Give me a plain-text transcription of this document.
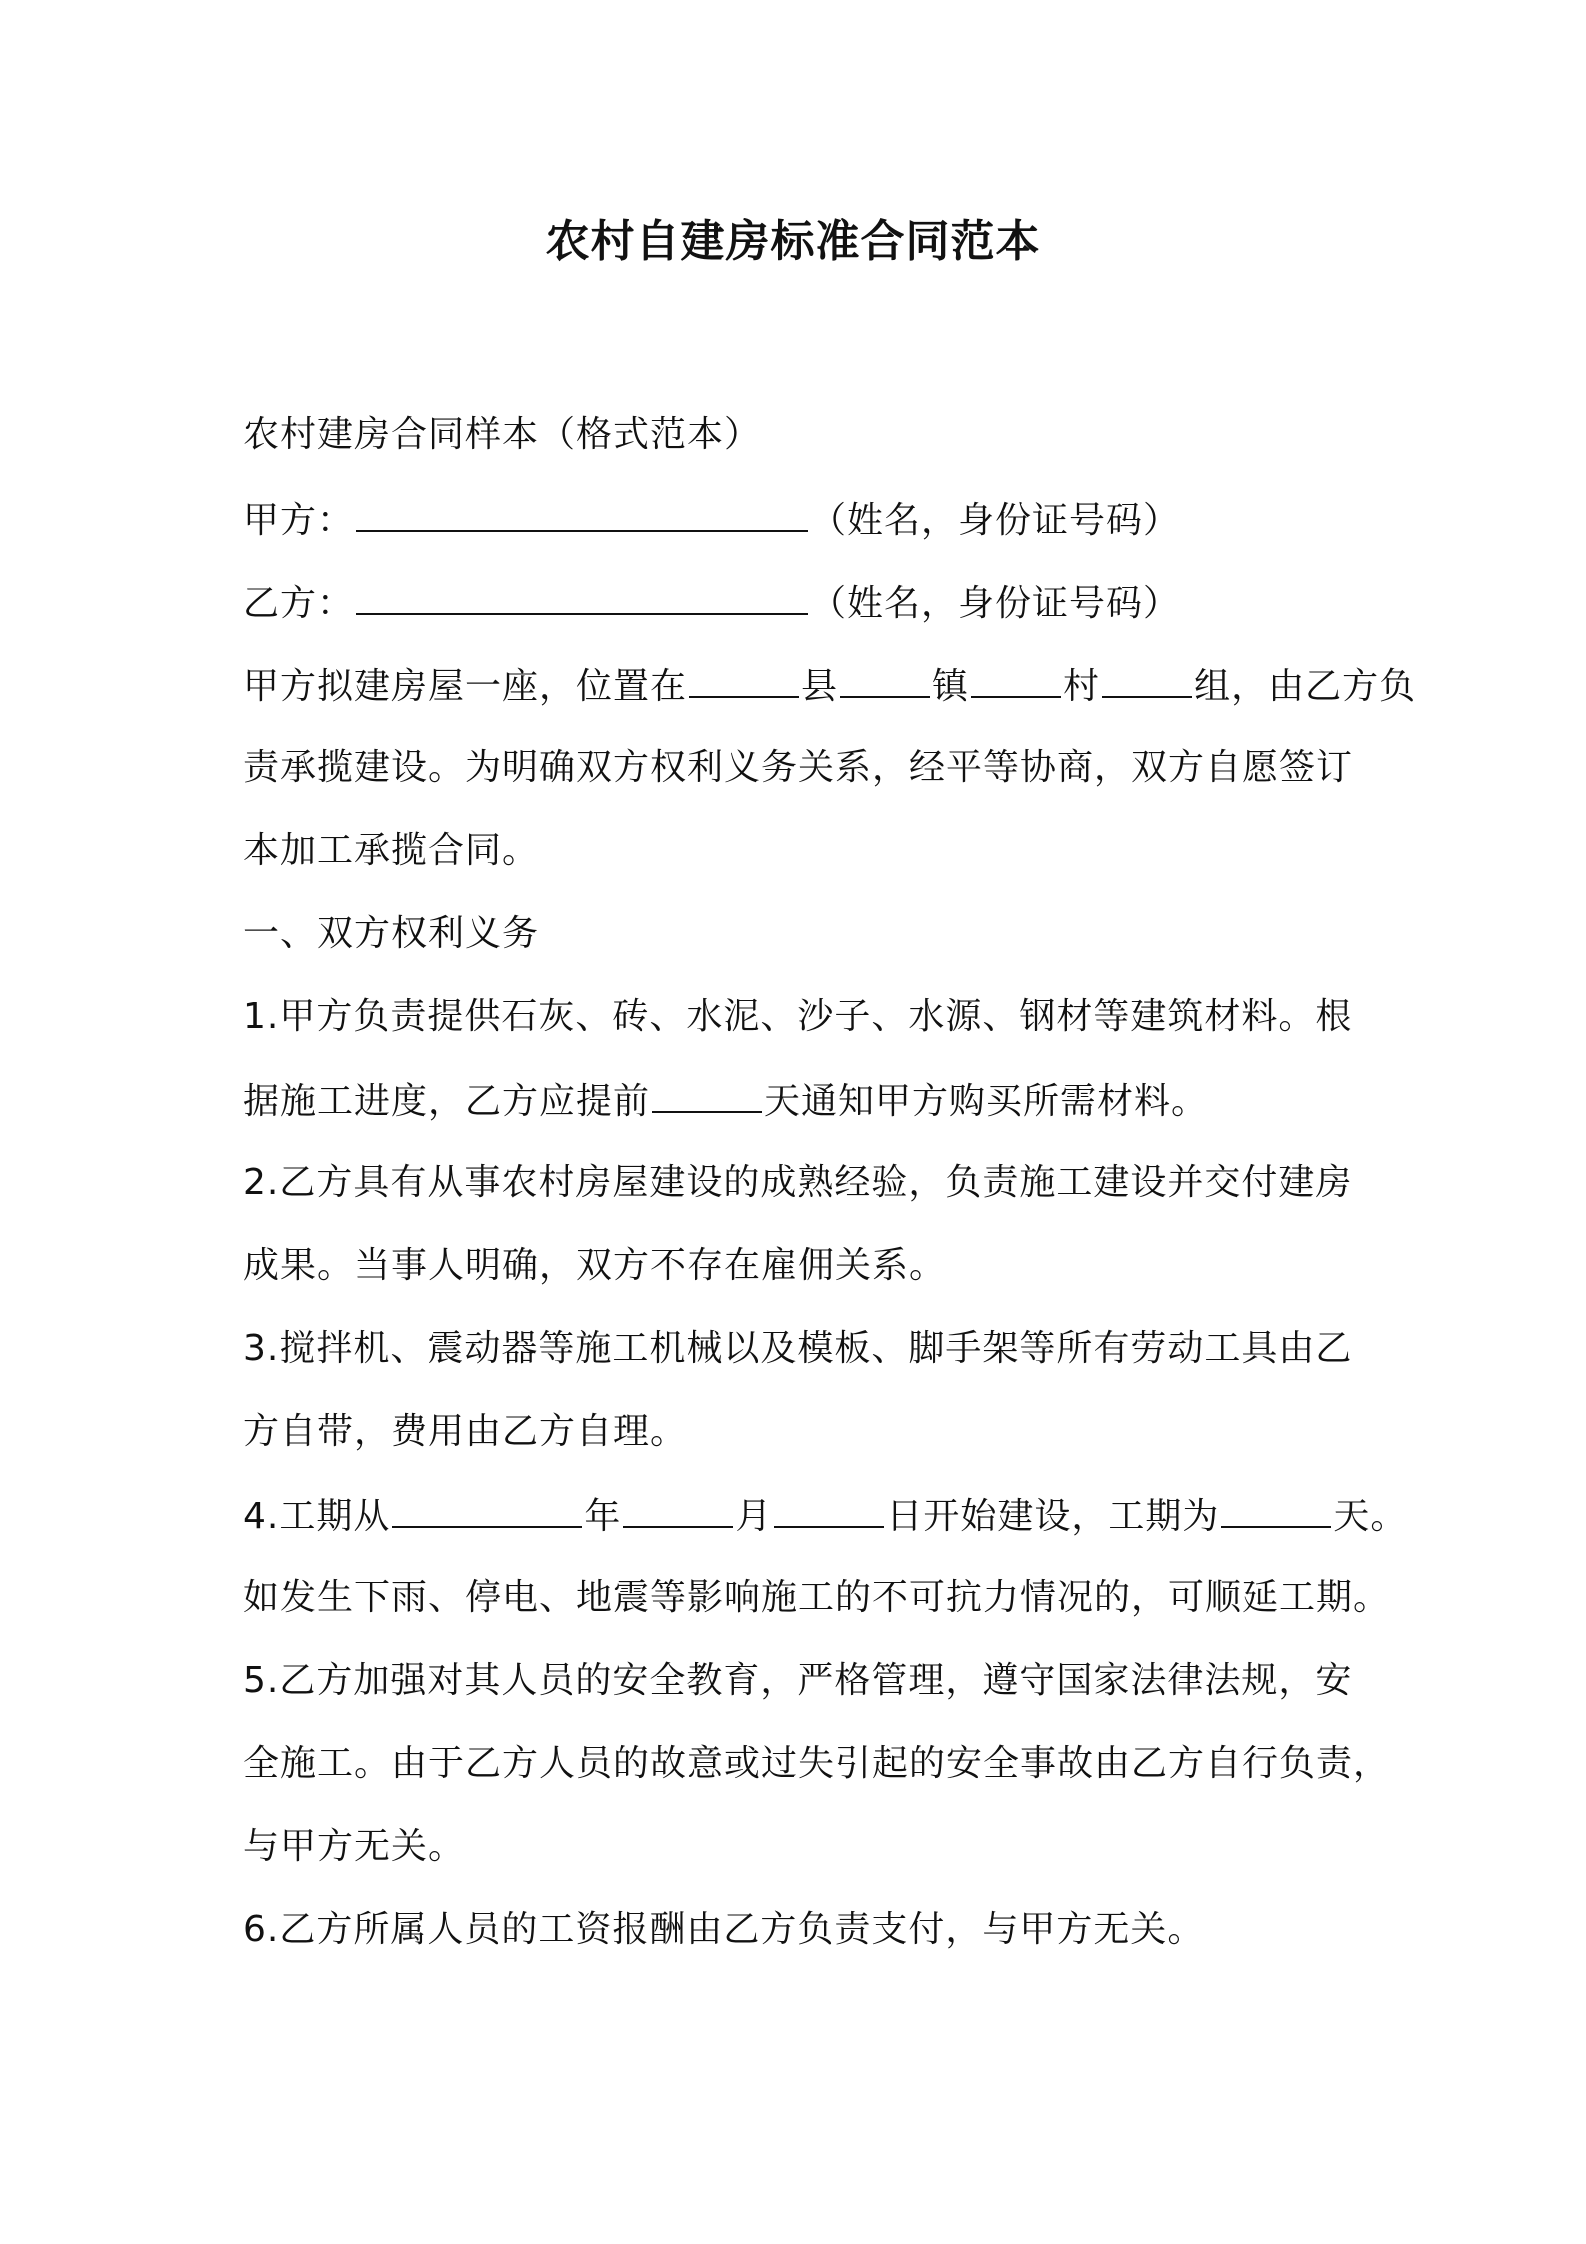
农村自建房标准合同范本
农村建房合同样本（格式范本）
甲方：	（姓名，身份证号码）
乙方：	（姓名，身份证号码）
甲方拟建房屋一座，位置在	县	镇	村	组，由乙方负
责承揽建设。为明确双方权利义务关系，经平等协商，双方自愿签订
本加工承揽合同。
一、双方权利义务
1.甲方负责提供石灰、砖、水泥、沙子、水源、钢材等建筑材料。根
据施工进度，乙方应提前	天通知甲方购买所需材料。
2.乙方具有从事农村房屋建设的成熟经验，负责施工建设并交付建房
成果。当事人明确，双方不存在雇佣关系。
3.搅拌机、震动器等施工机械以及模板、脚手架等所有劳动工具由乙
方自带，费用由乙方自理。
4.工期从	年	月	日开始建设，工期为	天。
如发生下雨、停电、地震等影响施工的不可抗力情况的，可顺延工期。
5.乙方加强对其人员的安全教育，严格管理，遵守国家法律法规，安
全施工。由于乙方人员的故意或过失引起的安全事故由乙方自行负责，
与甲方无关。
6.乙方所属人员的工资报酬由乙方负责支付，与甲方无关。
